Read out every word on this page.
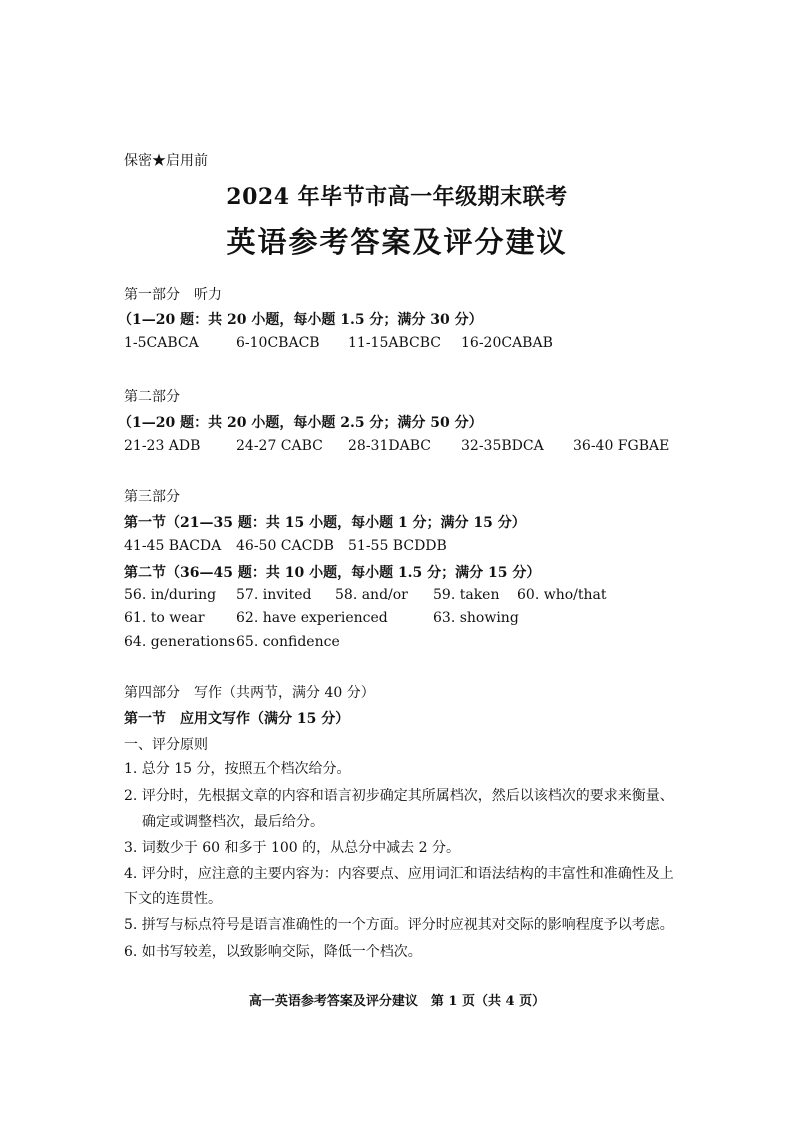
保密★启用前
2024 年毕节市高一年级期末联考
英语参考答案及评分建议
第一部分　听力
（1—20 题：共 20 小题，每小题 1.5 分；满分 30 分）
1-5CABCA	6-10CBACB 11-15ABCBC 16-20CABAB
第二部分
（1—20 题：共 20 小题，每小题 2.5 分；满分 50 分）
21-23 ADB	24-27 CABC 28-31DABC 32-35BDCA 36-40 FGBAE
第三部分
第一节（21—35 题：共 15 小题，每小题 1 分；满分 15 分）
41-45 BACDA 46-50 CACDB 51-55 BCDDB
第二节（36—45 题：共 10 小题，每小题 1.5 分；满分 15 分）
56. in/during 57. invited 58. and/or 59. taken 60. who/that
61. to wear 62. have experienced	63. showing
64. generations 65. confidence
第四部分　写作（共两节，满分 40 分）
第一节　应用文写作（满分 15 分）
一、评分原则
1. 总分 15 分，按照五个档次给分。
2. 评分时，先根据文章的内容和语言初步确定其所属档次，然后以该档次的要求来衡量、
确定或调整档次，最后给分。
3. 词数少于 60 和多于 100 的，从总分中减去 2 分。
4. 评分时，应注意的主要内容为：内容要点、应用词汇和语法结构的丰富性和准确性及上
下文的连贯性。
5. 拼写与标点符号是语言准确性的一个方面。评分时应视其对交际的影响程度予以考虑。
6. 如书写较差，以致影响交际，降低一个档次。
高一英语参考答案及评分建议　第 1 页（共 4 页）
